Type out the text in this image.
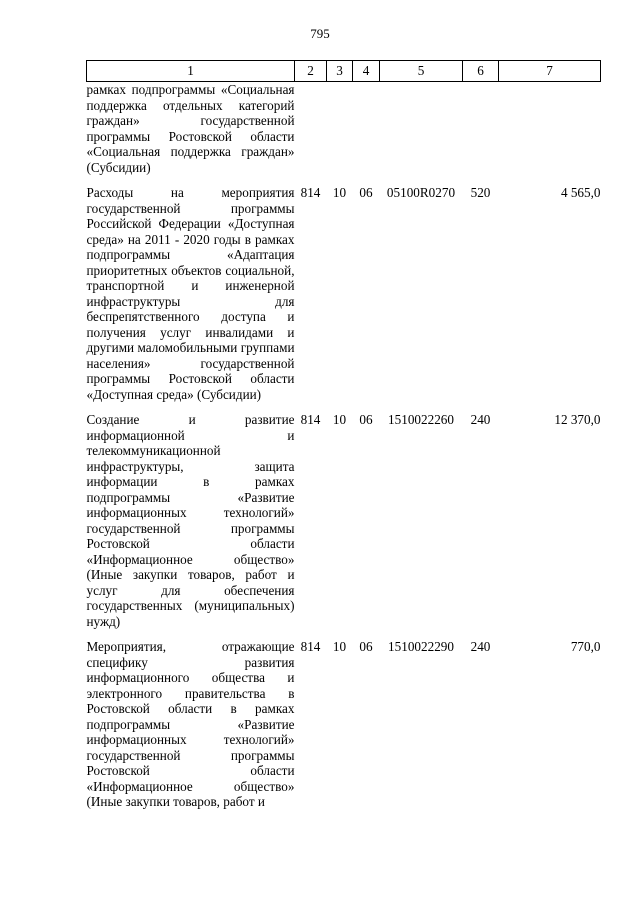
795
1	2	3	4	5	6	7
рамках подпрограммы «Социальная поддержка отдельных категорий граждан» государственной программы Ростовской области «Социальная поддержка граждан» (Субсидии)						

Расходы на мероприятия государственной программы Российской Федерации «Доступная среда» на 2011 - 2020 годы в рамках подпрограммы «Адаптация приоритетных объектов социальной, транспортной и инженерной инфраструктуры для беспрепятственного доступа и получения услуг инвалидами и другими маломобильными группами населения» государственной программы Ростовской области «Доступная среда» (Субсидии)	814	10	06	05100R0270	520	4 565,0

Создание и развитие информационной и телекоммуникационной инфраструктуры, защита информации в рамках подпрограммы «Развитие информационных технологий» государственной программы Ростовской области «Информационное общество» (Иные закупки товаров, работ и услуг для обеспечения государственных (муниципальных) нужд)	814	10	06	1510022260	240	12 370,0

Мероприятия, отражающие специфику развития информационного общества и электронного правительства в Ростовской области в рамках подпрограммы «Развитие информационных технологий» государственной программы Ростовской области «Информационное общество» (Иные закупки товаров, работ и	814	10	06	1510022290	240	770,0
